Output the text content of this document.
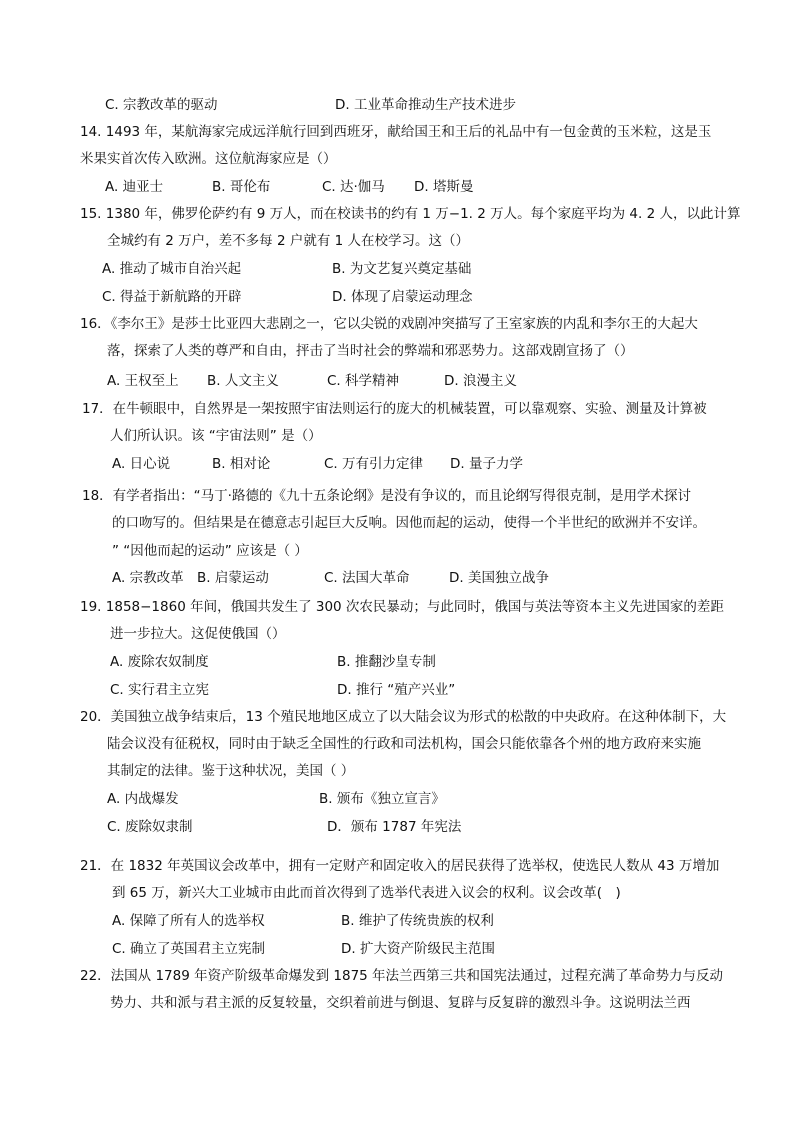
C. 宗教改革的驱动	D. 工业革命推动生产技术进步
14. 1493 年，某航海家完成远洋航行回到西班牙，献给国王和王后的礼品中有一包金黄的玉米粒，这是玉
米果实首次传入欧洲。这位航海家应是（）
A. 迪亚士	B. 哥伦布	C. 达·伽马 D. 塔斯曼
15. 1380 年，佛罗伦萨约有 9 万人，而在校读书的约有 1 万−1. 2 万人。每个家庭平均为 4. 2 人，以此计算
全城约有 2 万户，差不多每 2 户就有 1 人在校学习。这（）
A. 推动了城市自治兴起	B. 为文艺复兴奠定基础
C. 得益于新航路的开辟	D. 体现了启蒙运动理念
16．《李尔王》是莎士比亚四大悲剧之一，它以尖锐的戏剧冲突描写了王室家族的内乱和李尔王的大起大
落，探索了人类的尊严和自由，抨击了当时社会的弊端和邪恶势力。这部戏剧宣扬了（）
A. 王权至上 B. 人文主义	C. 科学精神	D. 浪漫主义
17．在牛顿眼中，自然界是一架按照宇宙法则运行的庞大的机械装置，可以靠观察、实验、测量及计算被
人们所认识。该 “宇宙法则” 是（）
A. 日心说	B. 相对论	C. 万有引力定律 D. 量子力学
18．有学者指出：“马丁·路德的《九十五条论纲》是没有争议的，而且论纲写得很克制，是用学术探讨
的口吻写的。但结果是在德意志引起巨大反响。因他而起的运动，使得一个半世纪的欧洲并不安详。
” “因他而起的运动” 应该是（ ）
A. 宗教改革 B. 启蒙运动	C. 法国大革命	D. 美国独立战争
19. 1858−1860 年间，俄国共发生了 300 次农民暴动；与此同时，俄国与英法等资本主义先进国家的差距
进一步拉大。这促使俄国（）
A. 废除农奴制度	B. 推翻沙皇专制
C. 实行君主立宪	D. 推行 “殖产兴业”
20．美国独立战争结束后，13 个殖民地地区成立了以大陆会议为形式的松散的中央政府。在这种体制下，大
陆会议没有征税权，同时由于缺乏全国性的行政和司法机构，国会只能依靠各个州的地方政府来实施
其制定的法律。鉴于这种状况，美国（ ）
A. 内战爆发	B. 颁布《独立宣言》
C. 废除奴隶制	D．颁布 1787 年宪法
21．在 1832 年英国议会改革中，拥有一定财产和固定收入的居民获得了选举权，使选民人数从 43 万增加
到 65 万，新兴大工业城市由此而首次得到了选举代表进入议会的权利。议会改革(　)
A. 保障了所有人的选举权	B. 维护了传统贵族的权利
C. 确立了英国君主立宪制	D. 扩大资产阶级民主范围
22．法国从 1789 年资产阶级革命爆发到 1875 年法兰西第三共和国宪法通过，过程充满了革命势力与反动
势力、共和派与君主派的反复较量，交织着前进与倒退、复辟与反复辟的激烈斗争。这说明法兰西
